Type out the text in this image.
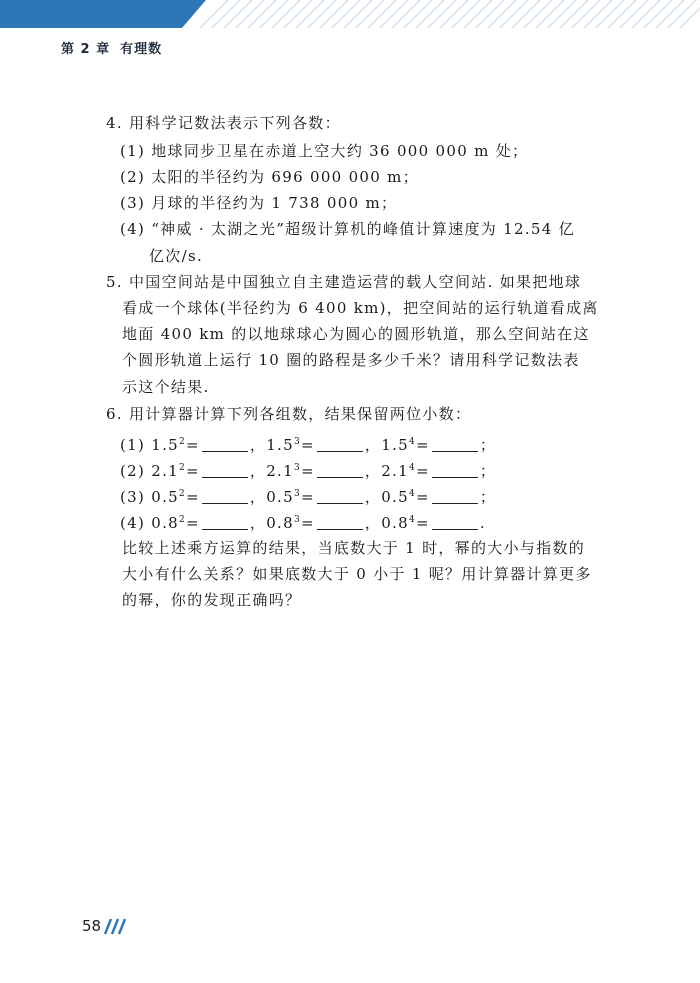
第 2 章 有理数
4. 用科学记数法表示下列各数：
(1) 地球同步卫星在赤道上空大约 36 000 000 m 处；
(2) 太阳的半径约为 696 000 000 m；
(3) 月球的半径约为 1 738 000 m；
(4) “神威 · 太湖之光”超级计算机的峰值计算速度为 12.54 亿
亿次/s.
5. 中国空间站是中国独立自主建造运营的载人空间站. 如果把地球
看成一个球体(半径约为 6 400 km)，把空间站的运行轨道看成离
地面 400 km 的以地球球心为圆心的圆形轨道，那么空间站在这
个圆形轨道上运行 10 圈的路程是多少千米？请用科学记数法表
示这个结果.
6. 用计算器计算下列各组数，结果保留两位小数：
(1) $1.5^2=$	，$1.5^3=$	，$1.5^4=$	；
(2) $2.1^2=$	，$2.1^3=$	，$2.1^4=$	；
(3) $0.5^2=$	，$0.5^3=$	，$0.5^4=$	；
(4) $0.8^2=$	，$0.8^3=$	，$0.8^4=$	.
比较上述乘方运算的结果，当底数大于 1 时，幂的大小与指数的
大小有什么关系？如果底数大于 0 小于 1 呢？用计算器计算更多
的幂，你的发现正确吗？
58
